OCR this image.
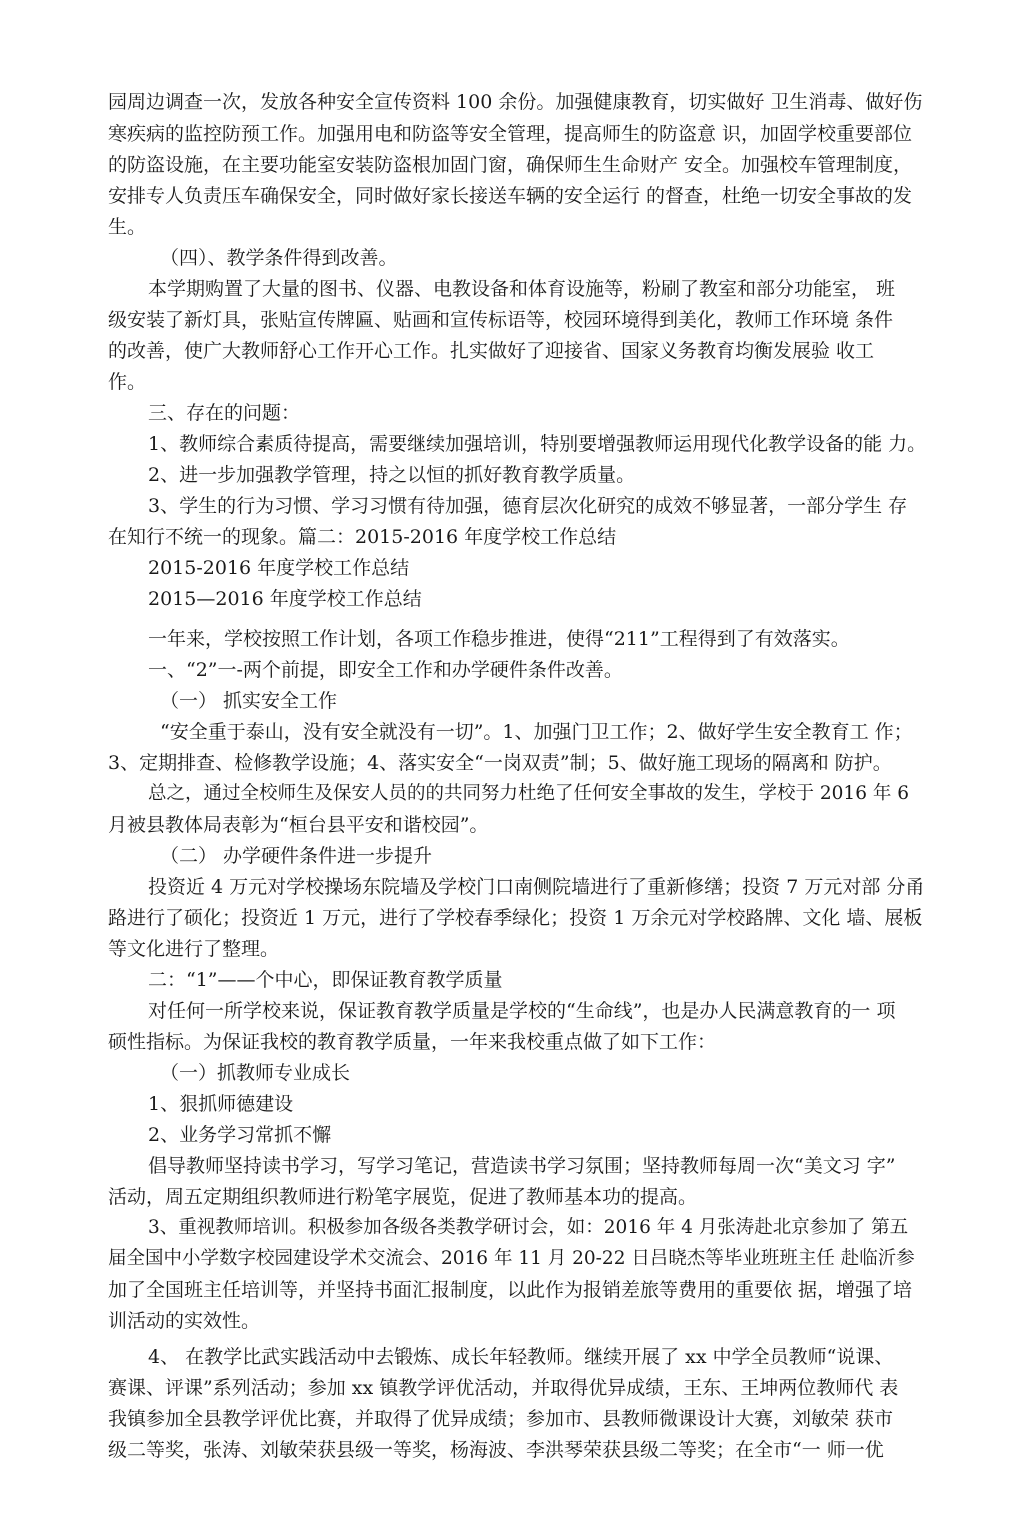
园周边调查一次，发放各种安全宣传资料 100 余份。加强健康教育，切实做好 卫生消毒、做好伤
寒疾病的监控防预工作。加强用电和防盗等安全管理，提高师生的防盗意 识，加固学校重要部位
的防盗设施，在主要功能室安装防盗根加固门窗，确保师生生命财产 安全。加强校车管理制度，
安排专人负责压车确保安全，同时做好家长接送车辆的安全运行 的督查，杜绝一切安全事故的发
生。
（四）、教学条件得到改善。
本学期购置了大量的图书、仪器、电教设备和体育设施等，粉刷了教室和部分功能室， 班
级安装了新灯具，张贴宣传牌匾、贴画和宣传标语等，校园环境得到美化，教师工作环境 条件
的改善，使广大教师舒心工作开心工作。扎实做好了迎接省、国家义务教育均衡发展验 收工
作。
三、存在的问题：
1、教师综合素质待提高，需要继续加强培训，特别要增强教师运用现代化教学设备的能 力。
2、进一步加强教学管理，持之以恒的抓好教育教学质量。
3、学生的行为习惯、学习习惯有待加强，德育层次化研究的成效不够显著，一部分学生 存
在知行不统一的现象。篇二：2015-2016 年度学校工作总结
2015-2016 年度学校工作总结
2015—2016 年度学校工作总结
一年来，学校按照工作计划，各项工作稳步推进，使得“211”工程得到了有效落实。
一、“2”一-两个前提，即安全工作和办学硬件条件改善。
（一） 抓实安全工作
“安全重于泰山，没有安全就没有一切”。1、加强门卫工作；2、做好学生安全教育工 作；
3、定期排查、检修教学设施；4、落实安全“一岗双责”制；5、做好施工现场的隔离和 防护。
总之，通过全校师生及保安人员的的共同努力杜绝了任何安全事故的发生，学校于 2016 年 6
月被县教体局表彰为“桓台县平安和谐校园”。
（二） 办学硬件条件进一步提升
投资近 4 万元对学校操场东院墙及学校门口南侧院墙进行了重新修缮；投资 7 万元对部 分甬
路进行了硕化；投资近 1 万元，进行了学校春季绿化；投资 1 万余元对学校路牌、文化 墙、展板
等文化进行了整理。
二：“1”——个中心，即保证教育教学质量
对任何一所学校来说，保证教育教学质量是学校的“生命线”，也是办人民满意教育的一 项
硕性指标。为保证我校的教育教学质量，一年来我校重点做了如下工作：
（一）抓教师专业成长
1、狠抓师德建设
2、业务学习常抓不懈
倡导教师坚持读书学习，写学习笔记，营造读书学习氛围；坚持教师每周一次“美文习 字”
活动，周五定期组织教师进行粉笔字展览，促进了教师基本功的提高。
3、重视教师培训。积极参加各级各类教学研讨会，如：2016 年 4 月张涛赴北京参加了 第五
届全国中小学数字校园建设学术交流会、2016 年 11 月 20-22 日吕晓杰等毕业班班主任 赴临沂参
加了全国班主任培训等，并坚持书面汇报制度，以此作为报销差旅等费用的重要依 据，增强了培
训活动的实效性。
4、 在教学比武实践活动中去锻炼、成长年轻教师。继续开展了 xx 中学全员教师“说课、
赛课、评课”系列活动；参加 xx 镇教学评优活动，并取得优异成绩，王东、王坤两位教师代 表
我镇参加全县教学评优比赛，并取得了优异成绩；参加市、县教师微课设计大赛，刘敏荣 获市
级二等奖，张涛、刘敏荣获县级一等奖，杨海波、李洪琴荣获县级二等奖；在全市“一 师一优
